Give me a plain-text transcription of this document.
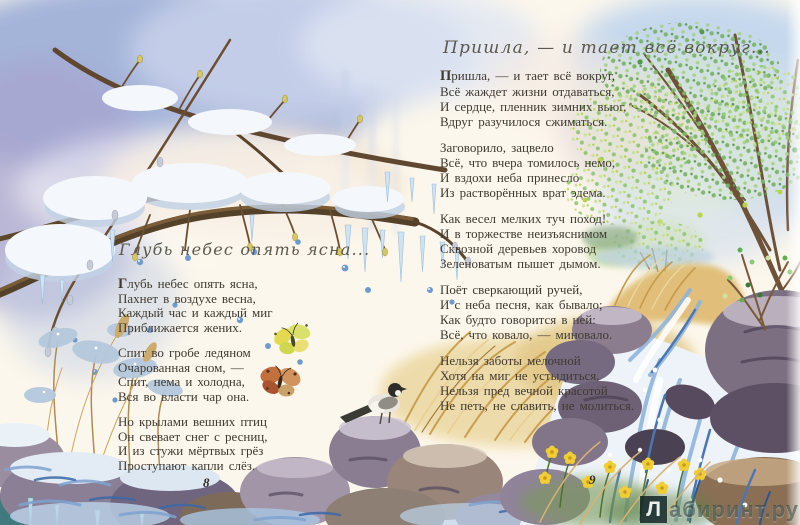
Глубь небес опять ясна...
Глубь небес опять ясна,
Пахнет в воздухе весна,
Каждый час и каждый миг
Приближается жених.
Спит во гробе ледяном
Очарованная сном, —
Спит, нема и холодна,
Вся во власти чар она.
Но крылами вешних птиц
Он свевает снег с ресниц,
И из стужи мёртвых грёз
Проступают капли слёз.
Пришла, — и тает всё вокруг...
Пришла, — и тает всё вокруг,
Всё жаждет жизни отдаваться,
И сердце, пленник зимних вьюг,
Вдруг разучилося сжиматься.
Заговорило, зацвело
Всё, что вчера томилось немо,
И вздохи неба принесло
Из растворённых врат эдема.
Как весел мелких туч поход!
И в торжестве неизъяснимом
Сквозной деревьев хоровод
Зеленоватым пышет дымом.
Поёт сверкающий ручей,
И с неба песня, как бывало;
Как будто говорится в ней:
Всё, что ковало, — миновало.
Нельзя заботы мелочной
Хотя на миг не устыдиться,
Нельзя пред вечной красотой
Не петь, не славить, не молиться.
8	9
Л абиринт.ру
